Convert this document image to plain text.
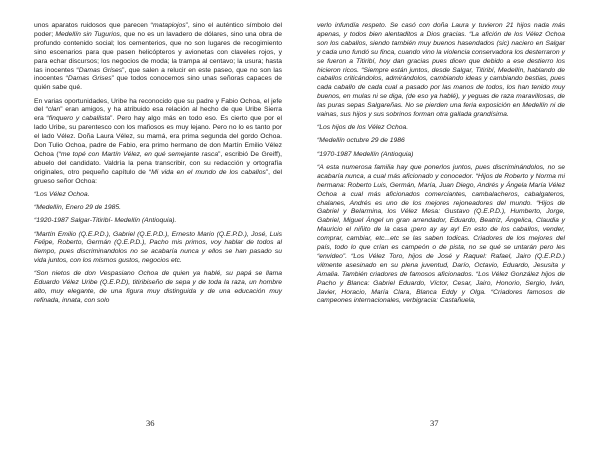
unos aparatos ruidosos que parecen “matapiojos”, sino el auténtico símbolo del poder; Medellín sin Tugurios, que no es un lavadero de dólares, sino una obra de profundo contenido social; los cementerios, que no son lugares de recogimiento sino escenarios para que pasen helicópteros y avionetas con claveles rojos, y para echar discursos; los negocios de moda; la trampa al centavo; la usura; hasta las inocentes “Damas Grises”, que salen a relucir en este paseo, que no son las inocentes “Damas Grises” que todos conocemos sino unas señoras capaces de quién sabe qué.

En varias oportunidades, Uribe ha reconocido que su padre y Fabio Ochoa, el jefe del “clan” eran amigos, y ha atribuido esa relación al hecho de que Uribe Sierra era “finquero y caballista”. Pero hay algo más en todo eso. Es cierto que por el lado Uribe, su parentesco con los mafiosos es muy lejano. Pero no lo es tanto por el lado Vélez. Doña Laura Vélez, su mamá, era prima segunda del gordo Ochoa. Don Tulio Ochoa, padre de Fabio, era primo hermano de don Martín Emilio Vélez Ochoa (“me topé con Martín Vélez, en qué semejante rasca”, escribió De Greiff), abuelo del candidato. Valdría la pena transcribir, con su redacción y ortografía originales, otro pequeño capítulo de “Mi vida en el mundo de los caballos”, del grueso señor Ochoa:

“Los Vélez Ochoa.

“Medellín, Enero 29 de 1985.

“1920-1987 Salgar-Titiribí- Medellín (Antioquia).

“Martín Emilio (Q.E.P.D.), Gabriel (Q.E.P.D.), Ernesto Mario (Q.E.P.D.), José, Luis Felipe, Roberto, Germán (Q.E.P.D.), Pacho mis primos, voy hablar de todos al tiempo, pues discriminandolos no se acabaría nunca y ellos se han pasado su vida juntos, con los mismos gustos, negocios etc.

“Son nietos de don Vespasiano Ochoa de quien ya hablé, su papá se llama Eduardo Vélez Uribe (Q.E.P.D), titiribiseño de sepa y de toda la raza, un hombre alto, muy elegante, de una figura muy distinguida y de una educación muy refinada, innata, con solo

verlo infundía respeto. Se casó con doña Laura y tuvieron 21 hijos nada más apenas, y todos bien alentaditos a Dios gracias. “La afición de los Vélez Ochoa son los caballos, siendo también muy buenos hasendados (sic) naciero en Salgar y cada uno fundó su finca, cuando vino la violencia conservadora los desterraron y se fueron a Titiribí, hoy dan gracias pues dicen que debido a ese destierro los hicieron ricos. “Siempre están juntos, desde Salgar, Titiribí, Medellín, hablando de caballos criticándolos, admirándolos, cambiando ideas y cambiando bestias, pues cada caballo de cada cual a pasado por las manos de todos, los han tenido muy buenos, en mulas ni se diga, (de eso ya hablé), y yeguas de raza maravillosas, de las puras sepas Salgareñas. No se pierden una feria exposición en Medellín ni de vainas, sus hijos y sus sobrinos forman otra gallada grandísima.

“Los hijos de los Vélez Ochoa.

“Medellín octubre 29 de 1986

“1970-1987 Medellín (Antioquia)

“A esta numerosa familia hay que ponerlos juntos, pues discriminándolos, no se acabaría nunca, a cual más aficionado y conocedor. “Hijos de Roberto y Norma mi hermana: Roberto Luis, Germán, María, Juan Diego, Andrés y Ángela María Vélez Ochoa a cual más aficionados comerciantes, cambalacheros, cabalgateros, chalanes, Andrés es uno de los mejores rejoneadores del mundo. “Hijos de Gabriel y Belarmina, los Vélez Mesa: Gustavo (Q.E.P.D.), Humberto, Jorge, Gabriel, Miguel Ángel un gran arrendador, Eduardo, Beatriz, Ángelica, Claudia y Mauricio el niñito de la casa ¡pero ay ay ay! En esto de los caballos, vender, comprar, cambiar, etc...etc se las saben todicas. Criadores de los mejores del país, todo lo que crían es campeón o de pista, no se qué se untarán pero les “envideo”. “Los Vélez Toro, hijos de José y Raquel: Rafael, Jairo (Q.E.P.D.) vilmente asesinado en su plena juventud, Darío, Octavio, Eduardo, Jesusita y Amalia. También criadores de famosos aficionados. “Los Vélez González hijos de Pacho y Blanca: Gabriel Eduardo, Víctor, Cesar, Jairo, Honorio, Sergio, Iván, Javier, Horacio, María Clara, Blanca Eddy y Olga. “Criadores famosos de campeones internacionales, verbigracia: Castañuela,

36	37
